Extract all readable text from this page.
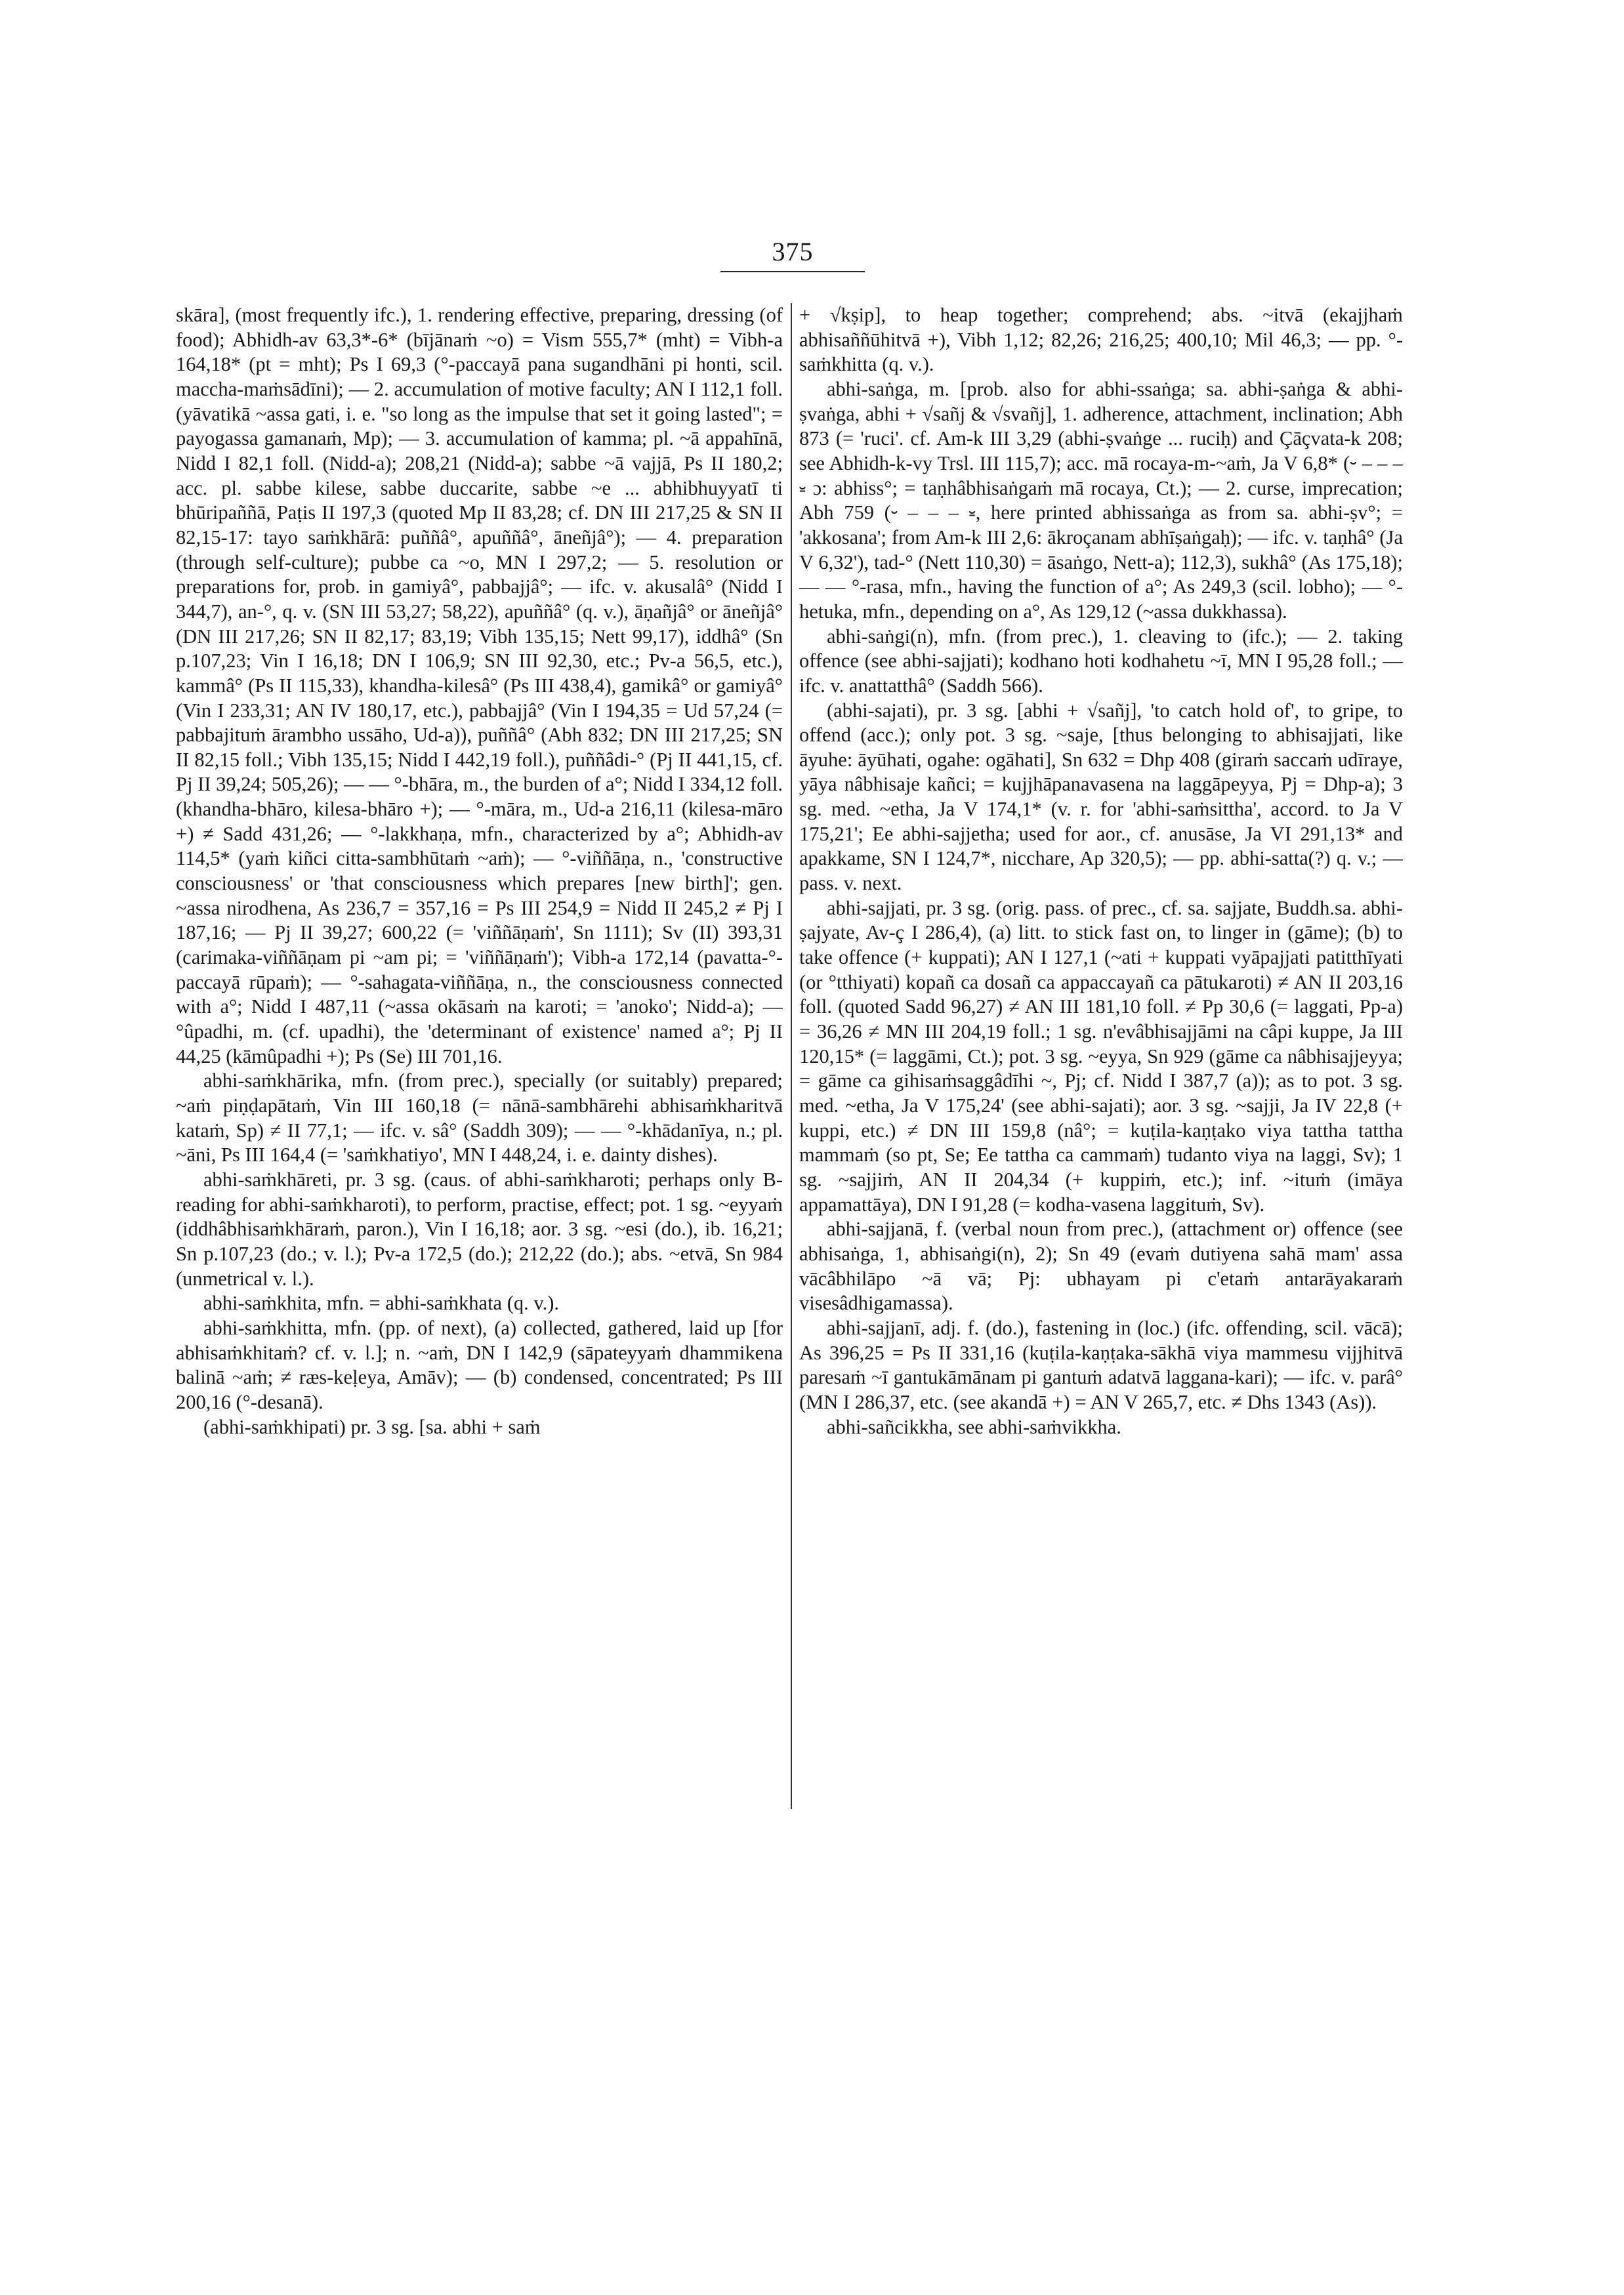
375

skāra], (most frequently ifc.), 1. rendering effective, preparing, dressing (of food); Abhidh-av 63,3*-6* (bījānaṁ ~o) = Vism 555,7* (mht) = Vibh-a 164,18* (pt = mht); Ps I 69,3 (°-paccayā pana sugandhāni pi honti, scil. maccha-maṁsādīni); — 2. accumulation of motive faculty; AN I 112,1 foll. (yāvatikā ~assa gati, i. e. "so long as the impulse that set it going lasted"; = payogassa gamanaṁ, Mp); — 3. accumulation of kamma; pl. ~ā appahīnā, Nidd I 82,1 foll. (Nidd-a); 208,21 (Nidd-a); sabbe ~ā vajjā, Ps II 180,2; acc. pl. sabbe kilese, sabbe duccarite, sabbe ~e ... abhibhuyyatī ti bhūripaññā, Paṭis II 197,3 (quoted Mp II 83,28; cf. DN III 217,25 & SN II 82,15-17: tayo saṁkhārā: puññâ°, apuññâ°, āneñjâ°); — 4. preparation (through self-culture); pubbe ca ~o, MN I 297,2; — 5. resolution or preparations for, prob. in gamiyâ°, pabbajjâ°; — ifc. v. akusalâ° (Nidd I 344,7), an-°, q. v. (SN III 53,27; 58,22), apuññâ° (q. v.), āṇañjâ° or āneñjâ° (DN III 217,26; SN II 82,17; 83,19; Vibh 135,15; Nett 99,17), iddhâ° (Sn p.107,23; Vin I 16,18; DN I 106,9; SN III 92,30, etc.; Pv-a 56,5, etc.), kammâ° (Ps II 115,33), khandha-kilesâ° (Ps III 438,4), gamikâ° or gamiyâ° (Vin I 233,31; AN IV 180,17, etc.), pabbajjâ° (Vin I 194,35 = Ud 57,24 (= pabbajituṁ ārambho ussāho, Ud-a)), puññâ° (Abh 832; DN III 217,25; SN II 82,15 foll.; Vibh 135,15; Nidd I 442,19 foll.), puññâdi-° (Pj II 441,15, cf. Pj II 39,24; 505,26); — — °-bhāra, m., the burden of a°; Nidd I 334,12 foll. (khandha-bhāro, kilesa-bhāro +); — °-māra, m., Ud-a 216,11 (kilesa-māro +) ≠ Sadd 431,26; — °-lakkhaṇa, mfn., characterized by a°; Abhidh-av 114,5* (yaṁ kiñci citta-sambhūtaṁ ~aṁ); — °-viññāṇa, n., 'constructive consciousness' or 'that consciousness which prepares [new birth]'; gen. ~assa nirodhena, As 236,7 = 357,16 = Ps III 254,9 = Nidd II 245,2 ≠ Pj I 187,16; — Pj II 39,27; 600,22 (= 'viññāṇaṁ', Sn 1111); Sv (II) 393,31 (carimaka-viññāṇam pi ~am pi; = 'viññāṇaṁ'); Vibh-a 172,14 (pavatta-°-paccayā rūpaṁ); — °-sahagata-viññāṇa, n., the consciousness connected with a°; Nidd I 487,11 (~assa okāsaṁ na karoti; = 'anoko'; Nidd-a); — °ûpadhi, m. (cf. upadhi), the 'determinant of existence' named a°; Pj II 44,25 (kāmûpadhi +); Ps (Se) III 701,16.

abhi-saṁkhārika, mfn. (from prec.), specially (or suitably) prepared; ~aṁ piṇḍapātaṁ, Vin III 160,18 (= nānā-sambhārehi abhisaṁkharitvā kataṁ, Sp) ≠ II 77,1; — ifc. v. sâ° (Saddh 309); — — °-khādanīya, n.; pl. ~āni, Ps III 164,4 (= 'saṁkhatiyo', MN I 448,24, i. e. dainty dishes).

abhi-saṁkhāreti, pr. 3 sg. (caus. of abhi-saṁkharoti; perhaps only B-reading for abhi-saṁkharoti), to perform, practise, effect; pot. 1 sg. ~eyyaṁ (iddhâbhisaṁkhāraṁ, paron.), Vin I 16,18; aor. 3 sg. ~esi (do.), ib. 16,21; Sn p.107,23 (do.; v. l.); Pv-a 172,5 (do.); 212,22 (do.); abs. ~etvā, Sn 984 (unmetrical v. l.).

abhi-saṁkhita, mfn. = abhi-saṁkhata (q. v.).

abhi-saṁkhitta, mfn. (pp. of next), (a) collected, gathered, laid up [for abhisaṁkhitaṁ? cf. v. l.]; n. ~aṁ, DN I 142,9 (sāpateyyaṁ dhammikena balinā ~aṁ; ≠ ræs-keḷeya, Amāv); — (b) condensed, concentrated; Ps III 200,16 (°-desanā).

(abhi-saṁkhipati) pr. 3 sg. [sa. abhi + saṁ

+ √kṣip], to heap together; comprehend; abs. ~itvā (ekajjhaṁ abhisaññūhitvā +), Vibh 1,12; 82,26; 216,25; 400,10; Mil 46,3; — pp. °-saṁkhitta (q. v.).

abhi-saṅga, m. [prob. also for abhi-ssaṅga; sa. abhi-ṣaṅga & abhi-ṣvaṅga, abhi + √sañj & √svañj], 1. adherence, attachment, inclination; Abh 873 (= 'ruci'. cf. Am-k III 3,29 (abhi-ṣvaṅge ... ruciḥ) and Çāçvata-k 208; see Abhidh-k-vy Trsl. III 115,7); acc. mā rocaya-m-~aṁ, Ja V 6,8* (⏑ – – – ⏓ ɔ: abhiss°; = taṇhâbhisaṅgaṁ mā rocaya, Ct.); — 2. curse, imprecation; Abh 759 (⏑ – – – ⏓, here printed abhissaṅga as from sa. abhi-ṣv°; = 'akkosana'; from Am-k III 2,6: ākroçanam abhīṣaṅgaḥ); — ifc. v. taṇhâ° (Ja V 6,32'), tad-° (Nett 110,30) = āsaṅgo, Nett-a); 112,3), sukhâ° (As 175,18); — — °-rasa, mfn., having the function of a°; As 249,3 (scil. lobho); — °-hetuka, mfn., depending on a°, As 129,12 (~assa dukkhassa).

abhi-saṅgi(n), mfn. (from prec.), 1. cleaving to (ifc.); — 2. taking offence (see abhi-sajjati); kodhano hoti kodhahetu ~ī, MN I 95,28 foll.; — ifc. v. anattatthâ° (Saddh 566).

(abhi-sajati), pr. 3 sg. [abhi + √sañj], 'to catch hold of', to gripe, to offend (acc.); only pot. 3 sg. ~saje, [thus belonging to abhisajjati, like āyuhe: āyūhati, ogahe: ogāhati], Sn 632 = Dhp 408 (giraṁ saccaṁ udīraye, yāya nâbhisaje kañci; = kujjhāpanavasena na laggāpeyya, Pj = Dhp-a); 3 sg. med. ~etha, Ja V 174,1* (v. r. for 'abhi-saṁsittha', accord. to Ja V 175,21'; Ee abhi-sajjetha; used for aor., cf. anusāse, Ja VI 291,13* and apakkame, SN I 124,7*, nicchare, Ap 320,5); — pp. abhi-satta(?) q. v.; — pass. v. next.

abhi-sajjati, pr. 3 sg. (orig. pass. of prec., cf. sa. sajjate, Buddh.sa. abhi-ṣajyate, Av-ç I 286,4), (a) litt. to stick fast on, to linger in (gāme); (b) to take offence (+ kuppati); AN I 127,1 (~ati + kuppati vyāpajjati patitthīyati (or °tthiyati) kopañ ca dosañ ca appaccayañ ca pātukaroti) ≠ AN II 203,16 foll. (quoted Sadd 96,27) ≠ AN III 181,10 foll. ≠ Pp 30,6 (= laggati, Pp-a) = 36,26 ≠ MN III 204,19 foll.; 1 sg. n'evâbhisajjāmi na câpi kuppe, Ja III 120,15* (= laggāmi, Ct.); pot. 3 sg. ~eyya, Sn 929 (gāme ca nâbhisajjeyya; = gāme ca gihisaṁsaggâdīhi ~, Pj; cf. Nidd I 387,7 (a)); as to pot. 3 sg. med. ~etha, Ja V 175,24' (see abhi-sajati); aor. 3 sg. ~sajji, Ja IV 22,8 (+ kuppi, etc.) ≠ DN III 159,8 (nâ°; = kuṭila-kaṇṭako viya tattha tattha mammaṁ (so pt, Se; Ee tattha ca cammaṁ) tudanto viya na laggi, Sv); 1 sg. ~sajjiṁ, AN II 204,34 (+ kuppiṁ, etc.); inf. ~ituṁ (imāya appamattāya), DN I 91,28 (= kodha-vasena laggituṁ, Sv).

abhi-sajjanā, f. (verbal noun from prec.), (attachment or) offence (see abhisaṅga, 1, abhisaṅgi(n), 2); Sn 49 (evaṁ dutiyena sahā mam' assa vācâbhilāpo ~ā vā; Pj: ubhayam pi c'etaṁ antarāyakaraṁ visesâdhigamassa).

abhi-sajjanī, adj. f. (do.), fastening in (loc.) (ifc. offending, scil. vācā); As 396,25 = Ps II 331,16 (kuṭila-kaṇṭaka-sākhā viya mammesu vijjhitvā paresaṁ ~ī gantukāmānam pi gantuṁ adatvā laggana-kari); — ifc. v. parâ° (MN I 286,37, etc. (see akandā +) = AN V 265,7, etc. ≠ Dhs 1343 (As)).

abhi-sañcikkha, see abhi-saṁvikkha.
